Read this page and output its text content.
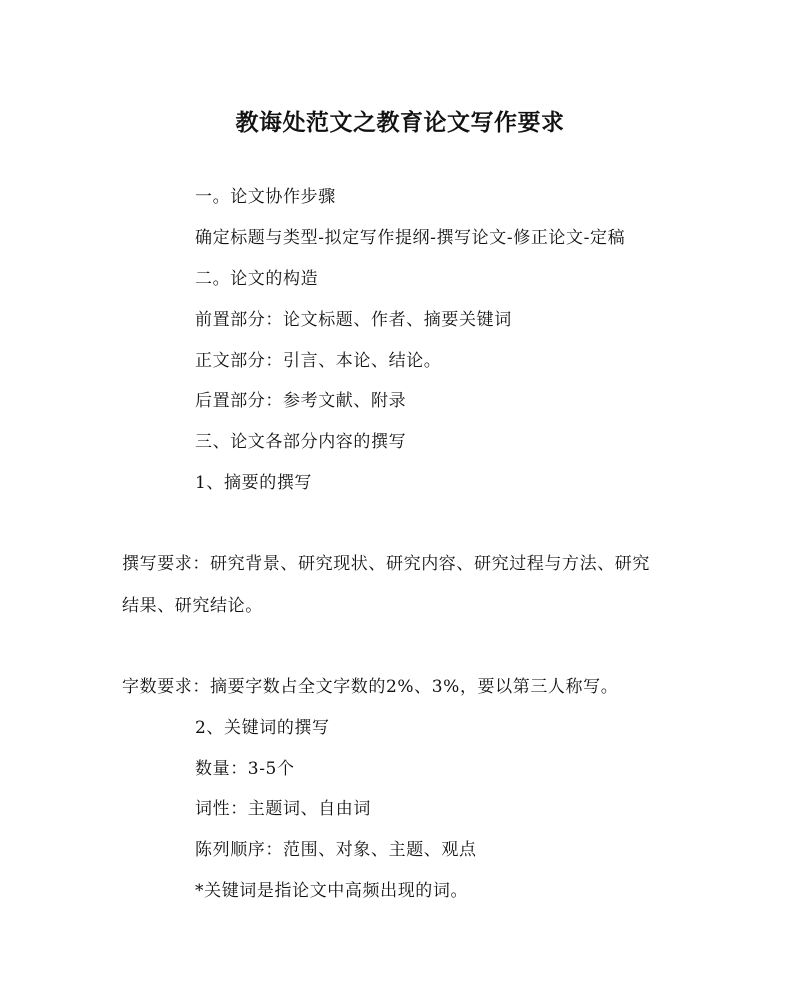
教诲处范文之教育论文写作要求
一。论文协作步骤
确定标题与类型-拟定写作提纲-撰写论文-修正论文-定稿
二。论文的构造
前置部分：论文标题、作者、摘要关键词
正文部分：引言、本论、结论。
后置部分：参考文献、附录
三、论文各部分内容的撰写
1、摘要的撰写
撰写要求：研究背景、研究现状、研究内容、研究过程与方法、研究
结果、研究结论。
字数要求：摘要字数占全文字数的2%、3%，要以第三人称写。
2、关键词的撰写
数量：3-5个
词性：主题词、自由词
陈列顺序：范围、对象、主题、观点
*关键词是指论文中高频出现的词。
